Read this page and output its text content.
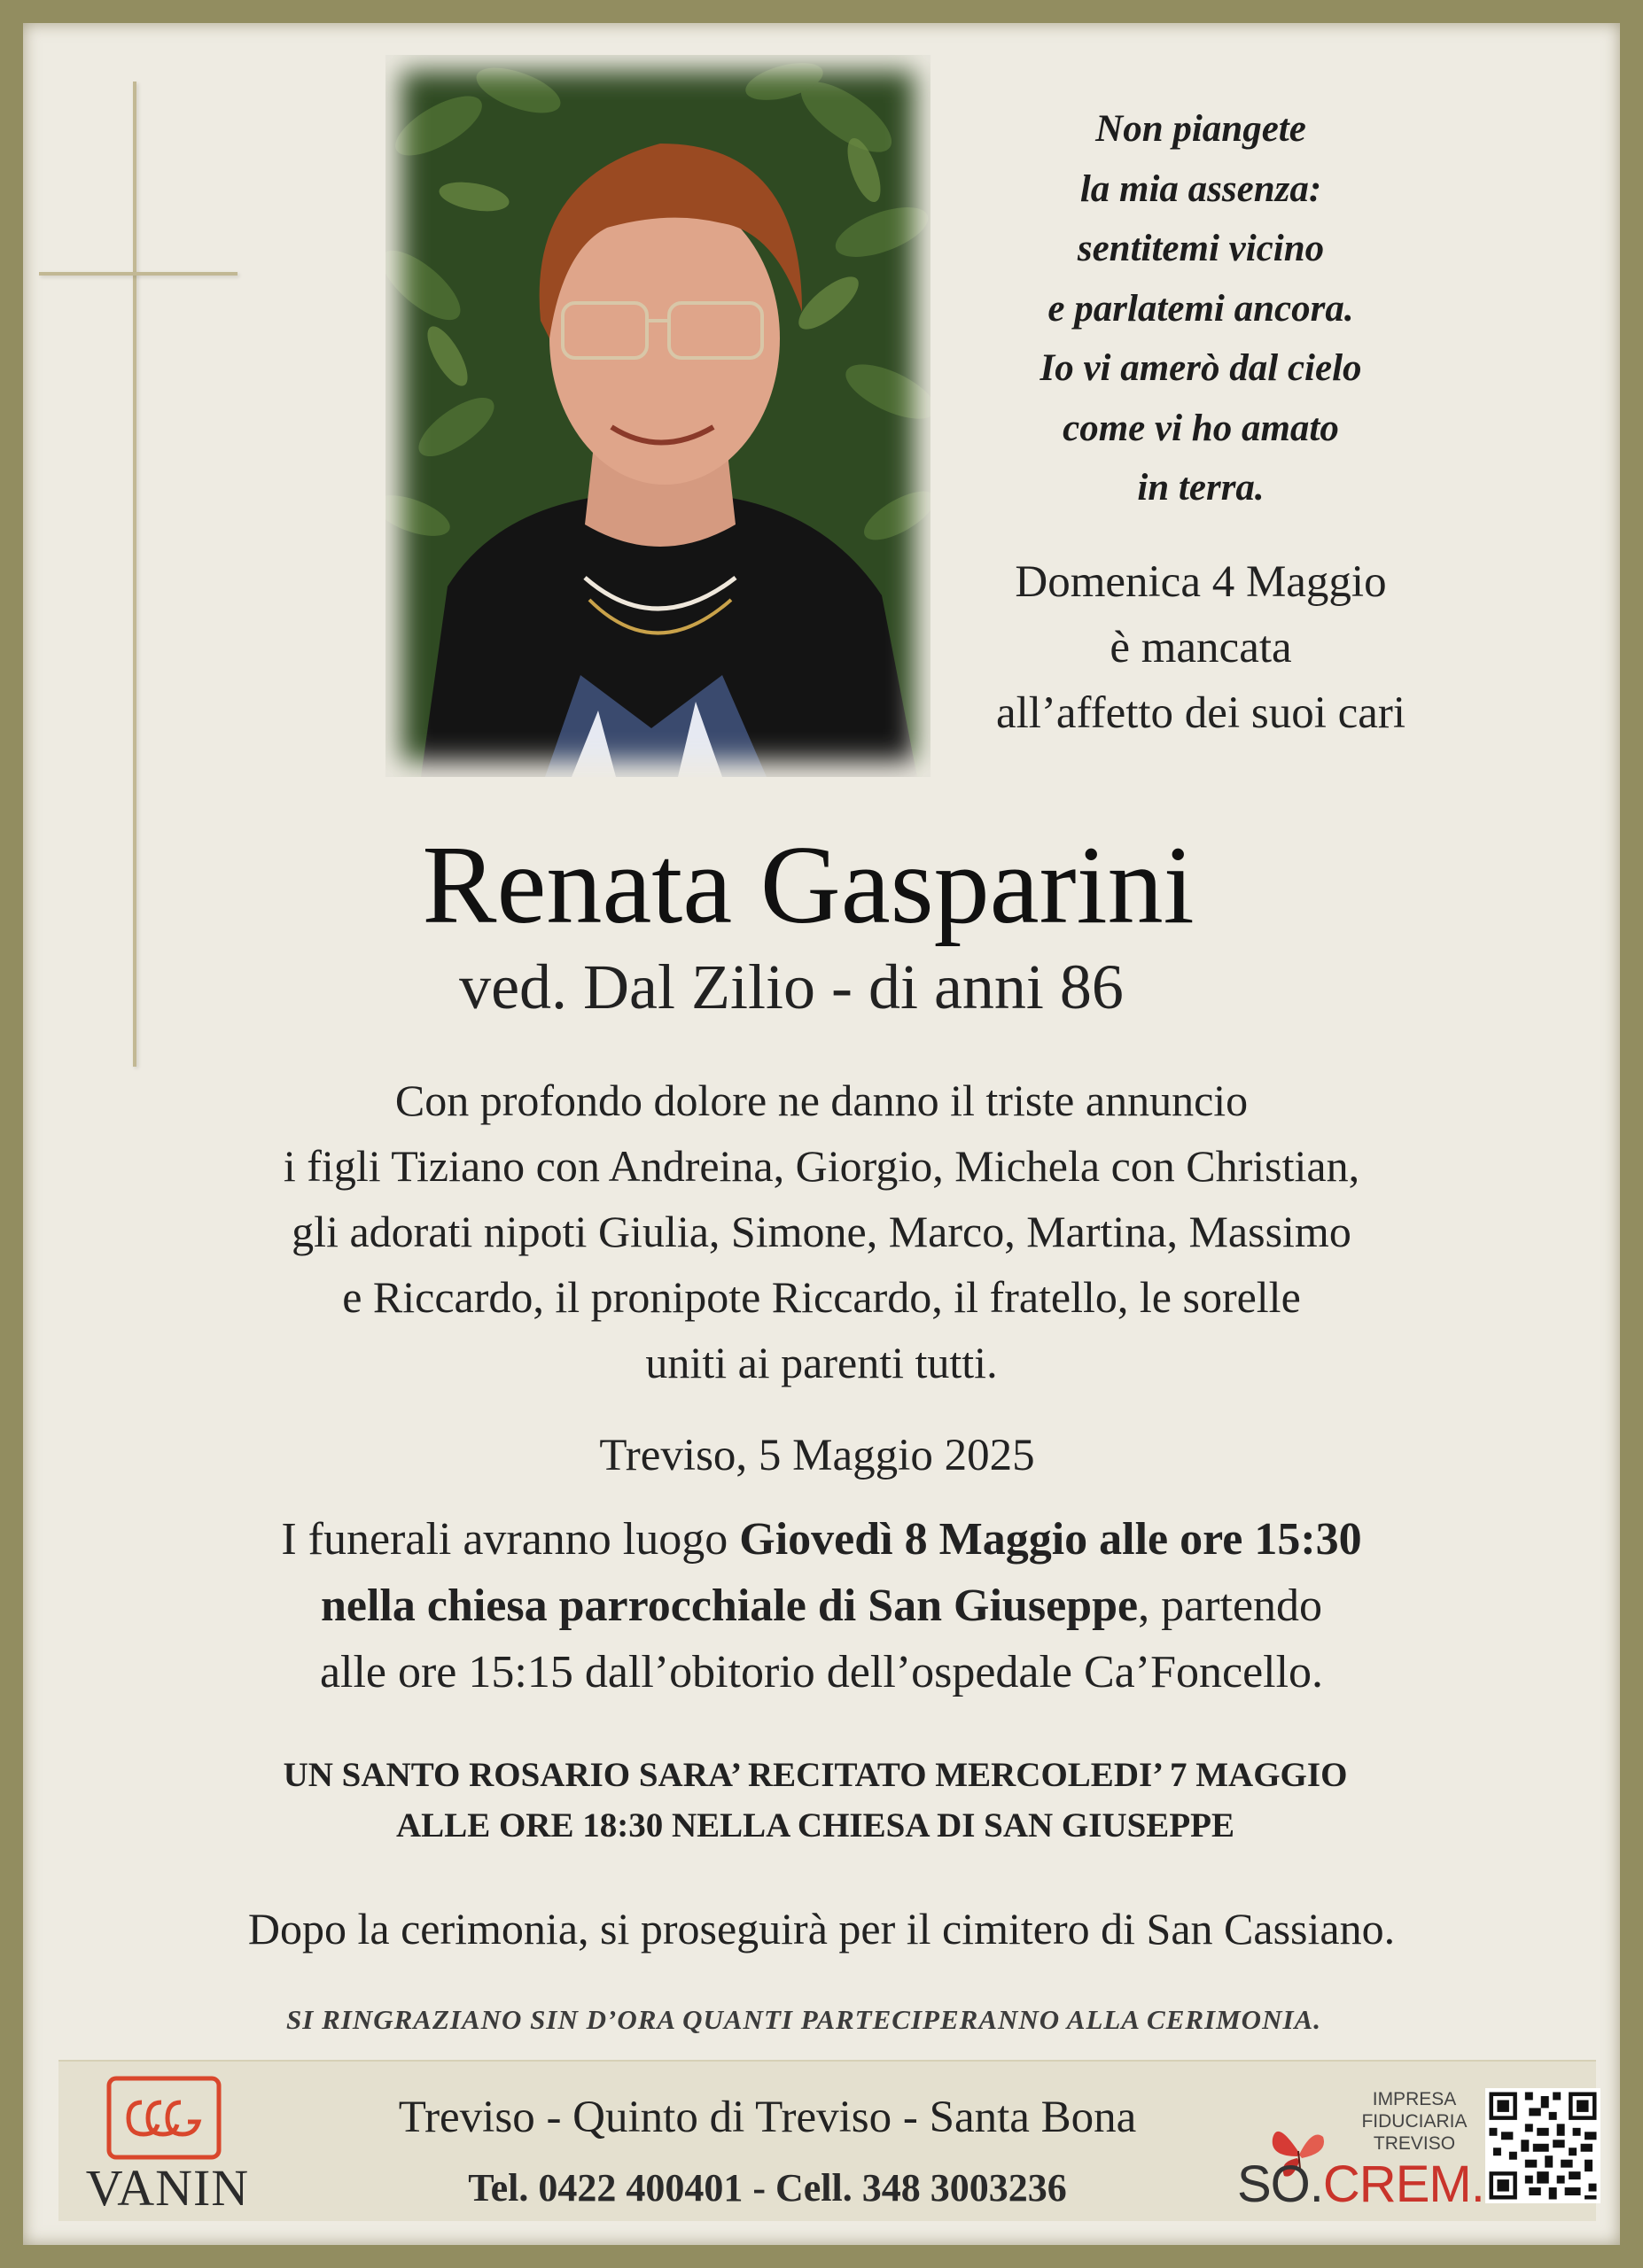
Non piangete
la mia assenza:
sentitemi vicino
e parlatemi ancora.
Io vi amerò dal cielo
come vi ho amato
in terra.
Domenica 4 Maggio
è mancata
all’affetto dei suoi cari
Renata Gasparini
ved. Dal Zilio - di anni 86
Con profondo dolore ne danno il triste annuncio
i figli Tiziano con Andreina, Giorgio, Michela con Christian,
gli adorati nipoti Giulia, Simone, Marco, Martina, Massimo
e Riccardo, il pronipote Riccardo, il fratello, le sorelle
uniti ai parenti tutti.
Treviso, 5 Maggio 2025
I funerali avranno luogo Giovedì 8 Maggio alle ore 15:30
nella chiesa parrocchiale di San Giuseppe, partendo
alle ore 15:15 dall’obitorio dell’ospedale Ca’Foncello.
UN SANTO ROSARIO SARA’ RECITATO MERCOLEDI’ 7 MAGGIO
ALLE ORE 18:30 NELLA CHIESA DI SAN GIUSEPPE
Dopo la cerimonia, si proseguirà per il cimitero di San Cassiano.
SI RINGRAZIANO SIN D’ORA QUANTI PARTECIPERANNO ALLA CERIMONIA.
VANIN
Treviso - Quinto di Treviso - Santa Bona
Tel. 0422 400401 - Cell. 348 3003236
IMPRESA
FIDUCIARIA
TREVISO
SO.CREM.
